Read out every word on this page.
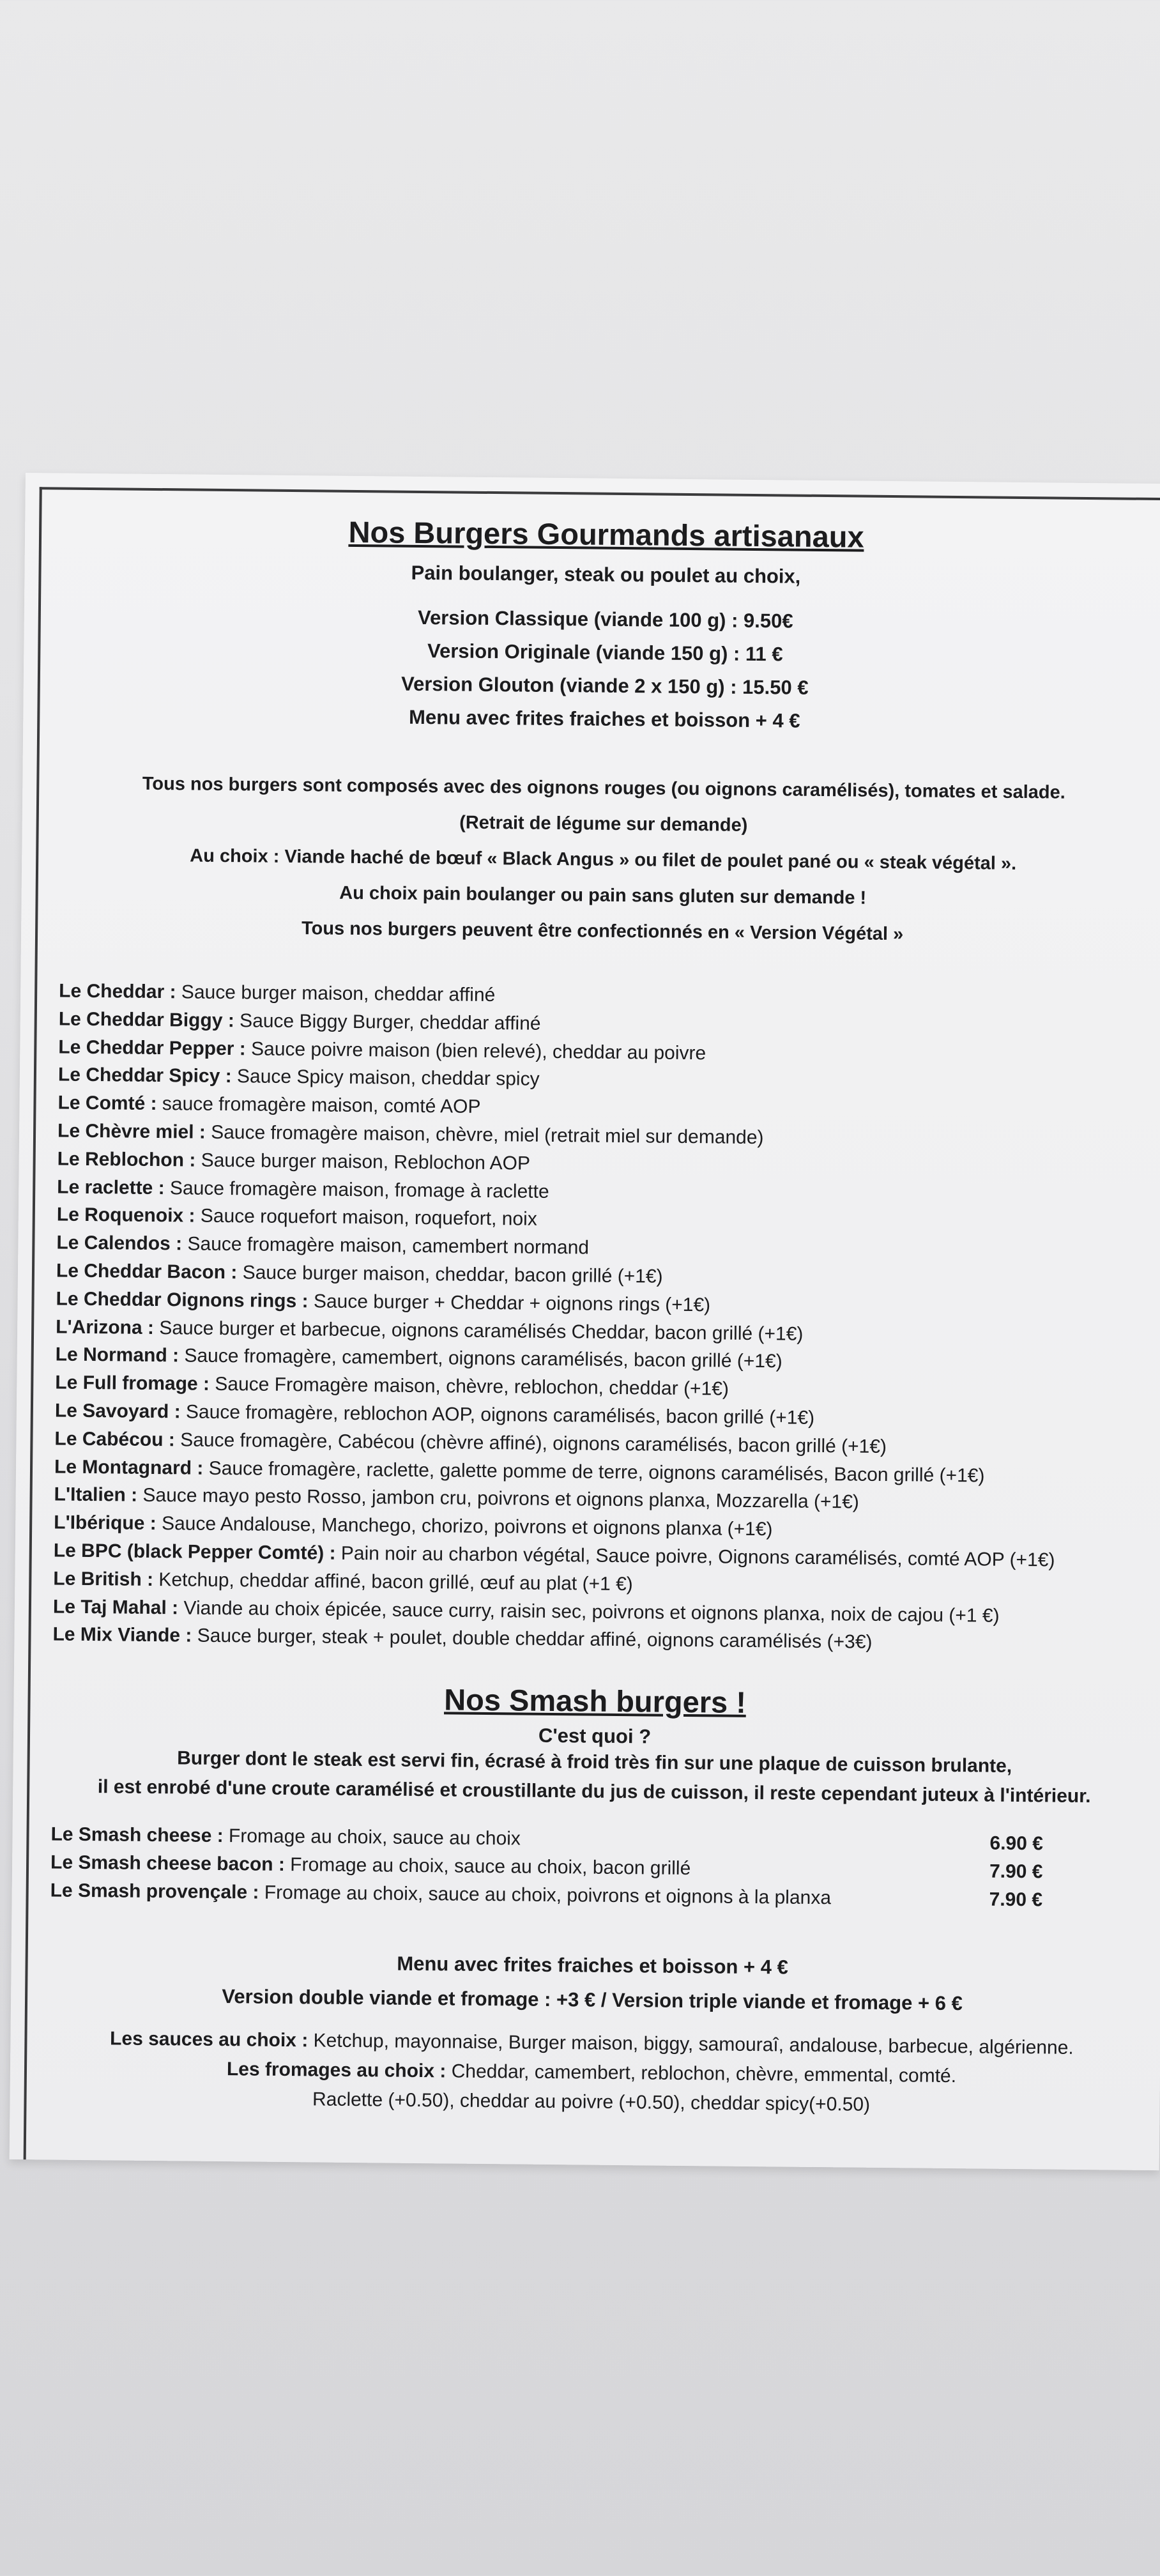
Nos Burgers Gourmands artisanaux
Pain boulanger, steak ou poulet au choix,
Version Classique (viande 100 g) : 9.50€
Version Originale (viande 150 g) : 11 €
Version Glouton (viande 2 x 150 g) : 15.50 €
Menu avec frites fraiches et boisson + 4 €
Tous nos burgers sont composés avec des oignons rouges (ou oignons caramélisés), tomates et salade.
(Retrait de légume sur demande)
Au choix : Viande haché de bœuf « Black Angus » ou filet de poulet pané ou « steak végétal ».
Au choix pain boulanger ou pain sans gluten sur demande !
Tous nos burgers peuvent être confectionnés en « Version Végétal »
Le Cheddar : Sauce burger maison, cheddar affiné
Le Cheddar Biggy : Sauce Biggy Burger, cheddar affiné
Le Cheddar Pepper : Sauce poivre maison (bien relevé), cheddar au poivre
Le Cheddar Spicy : Sauce Spicy maison, cheddar spicy
Le Comté : sauce fromagère maison, comté AOP
Le Chèvre miel : Sauce fromagère maison, chèvre, miel (retrait miel sur demande)
Le Reblochon : Sauce burger maison, Reblochon AOP
Le raclette : Sauce fromagère maison, fromage à raclette
Le Roquenoix : Sauce roquefort maison, roquefort, noix
Le Calendos : Sauce fromagère maison, camembert normand
Le Cheddar Bacon : Sauce burger maison, cheddar, bacon grillé (+1€)
Le Cheddar Oignons rings : Sauce burger + Cheddar + oignons rings (+1€)
L'Arizona : Sauce burger et barbecue, oignons caramélisés Cheddar, bacon grillé (+1€)
Le Normand : Sauce fromagère, camembert, oignons caramélisés, bacon grillé (+1€)
Le Full fromage : Sauce Fromagère maison, chèvre, reblochon, cheddar (+1€)
Le Savoyard : Sauce fromagère, reblochon AOP, oignons caramélisés, bacon grillé (+1€)
Le Cabécou : Sauce fromagère, Cabécou (chèvre affiné), oignons caramélisés, bacon grillé (+1€)
Le Montagnard : Sauce fromagère, raclette, galette pomme de terre, oignons caramélisés, Bacon grillé (+1€)
L'Italien : Sauce mayo pesto Rosso, jambon cru, poivrons et oignons planxa, Mozzarella (+1€)
L'Ibérique : Sauce Andalouse, Manchego, chorizo, poivrons et oignons planxa (+1€)
Le BPC (black Pepper Comté) : Pain noir au charbon végétal, Sauce poivre, Oignons caramélisés, comté AOP (+1€)
Le British : Ketchup, cheddar affiné, bacon grillé, œuf au plat (+1 €)
Le Taj Mahal : Viande au choix épicée, sauce curry, raisin sec, poivrons et oignons planxa, noix de cajou (+1 €)
Le Mix Viande : Sauce burger, steak + poulet, double cheddar affiné, oignons caramélisés (+3€)
Nos Smash burgers !
C'est quoi ?
Burger dont le steak est servi fin, écrasé à froid très fin sur une plaque de cuisson brulante,
il est enrobé d'une croute caramélisé et croustillante du jus de cuisson, il reste cependant juteux à l'intérieur.
Le Smash cheese : Fromage au choix, sauce au choix	6.90 €
Le Smash cheese bacon : Fromage au choix, sauce au choix, bacon grillé	7.90 €
Le Smash provençale : Fromage au choix, sauce au choix, poivrons et oignons à la planxa	7.90 €
Menu avec frites fraiches et boisson + 4 €
Version double viande et fromage : +3 € / Version triple viande et fromage + 6 €
Les sauces au choix : Ketchup, mayonnaise, Burger maison, biggy, samouraî, andalouse, barbecue, algérienne.
Les fromages au choix : Cheddar, camembert, reblochon, chèvre, emmental, comté.
Raclette (+0.50), cheddar au poivre (+0.50), cheddar spicy(+0.50)
